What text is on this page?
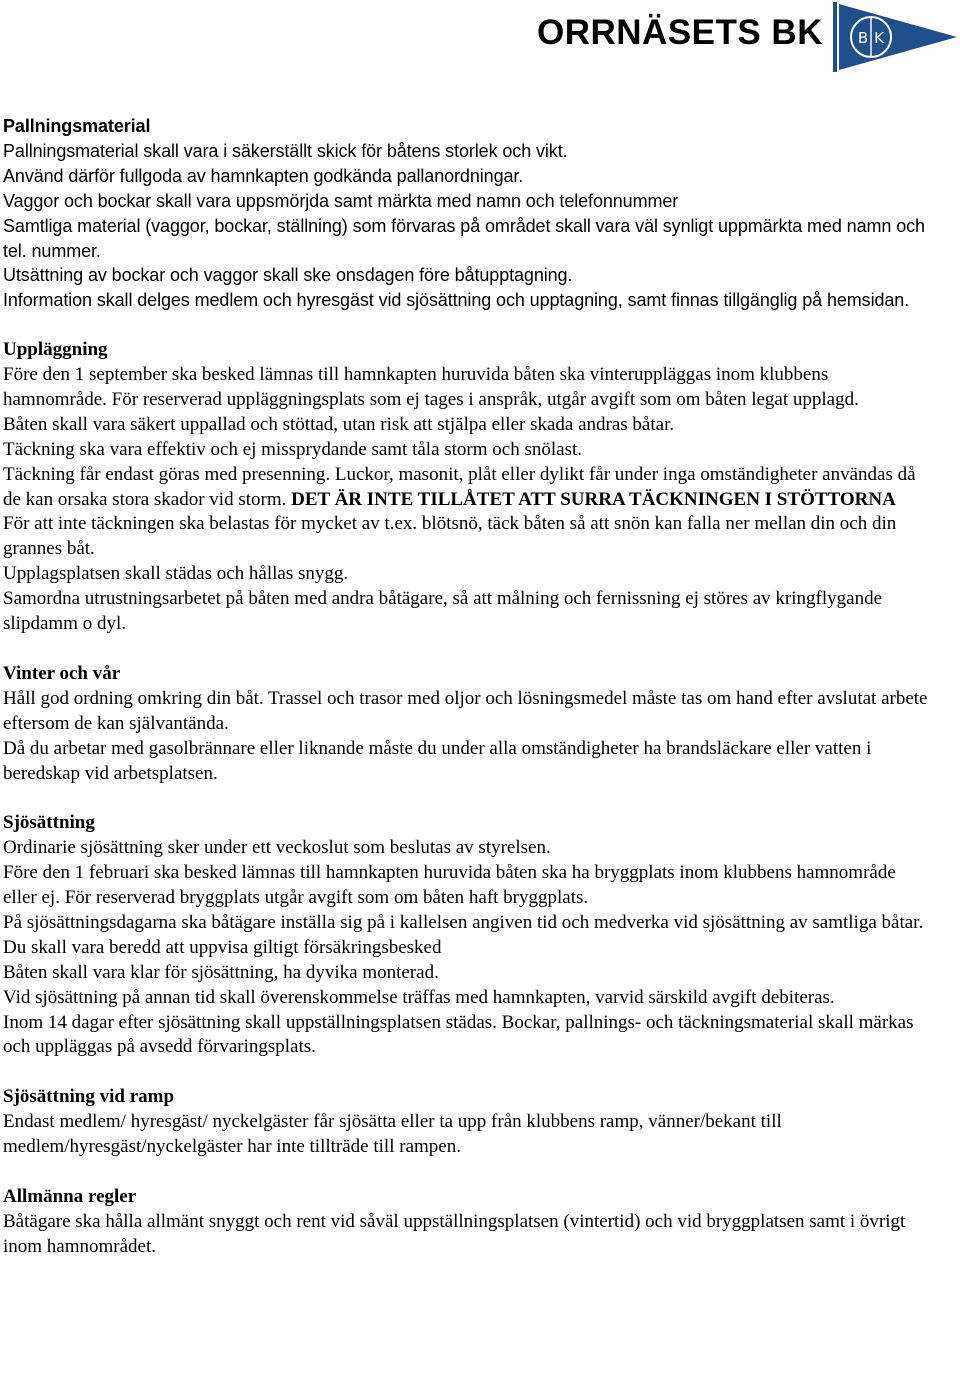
ORRNÄSETS BK B K
Pallningsmaterial
Pallningsmaterial skall vara i säkerställt skick för båtens storlek och vikt.
Använd därför fullgoda av hamnkapten godkända pallanordningar.
Vaggor och bockar skall vara uppsmörjda samt märkta med namn och telefonnummer
Samtliga material (vaggor, bockar, ställning) som förvaras på området skall vara väl synligt uppmärkta med namn och tel. nummer.
Utsättning av bockar och vaggor skall ske onsdagen före båtupptagning.
Information skall delges medlem och hyresgäst vid sjösättning och upptagning, samt finnas tillgänglig på hemsidan.
Uppläggning
Före den 1 september ska besked lämnas till hamnkapten huruvida båten ska vinteruppläggas inom klubbens hamnområde. För reserverad uppläggningsplats som ej tages i anspråk, utgår avgift som om båten legat upplagd.
Båten skall vara säkert uppallad och stöttad, utan risk att stjälpa eller skada andras båtar.
Täckning ska vara effektiv och ej missprydande samt tåla storm och snölast.
Täckning får endast göras med presenning. Luckor, masonit, plåt eller dylikt får under inga omständigheter användas då de kan orsaka stora skador vid storm. DET ÄR INTE TILLÅTET ATT SURRA TÄCKNINGEN I STÖTTORNA
För att inte täckningen ska belastas för mycket av t.ex. blötsnö, täck båten så att snön kan falla ner mellan din och din grannes båt.
Upplagsplatsen skall städas och hållas snygg.
Samordna utrustningsarbetet på båten med andra båtägare, så att målning och fernissning ej störes av kringflygande slipdamm o dyl.
Vinter och vår
Håll god ordning omkring din båt. Trassel och trasor med oljor och lösningsmedel måste tas om hand efter avslutat arbete eftersom de kan självantända.
Då du arbetar med gasolbrännare eller liknande måste du under alla omständigheter ha brandsläckare eller vatten i beredskap vid arbetsplatsen.
Sjösättning
Ordinarie sjösättning sker under ett veckoslut som beslutas av styrelsen.
Före den 1 februari ska besked lämnas till hamnkapten huruvida båten ska ha bryggplats inom klubbens hamnområde eller ej. För reserverad bryggplats utgår avgift som om båten haft bryggplats.
På sjösättningsdagarna ska båtägare inställa sig på i kallelsen angiven tid och medverka vid sjösättning av samtliga båtar.
Du skall vara beredd att uppvisa giltigt försäkringsbesked
Båten skall vara klar för sjösättning, ha dyvika monterad.
Vid sjösättning på annan tid skall överenskommelse träffas med hamnkapten, varvid särskild avgift debiteras.
Inom 14 dagar efter sjösättning skall uppställningsplatsen städas. Bockar, pallnings- och täckningsmaterial skall märkas och uppläggas på avsedd förvaringsplats.
Sjösättning vid ramp
Endast medlem/ hyresgäst/ nyckelgäster får sjösätta eller ta upp från klubbens ramp, vänner/bekant till medlem/hyresgäst/nyckelgäster har inte tillträde till rampen.
Allmänna regler
Båtägare ska hålla allmänt snyggt och rent vid såväl uppställningsplatsen (vintertid) och vid bryggplatsen samt i övrigt inom hamnområdet.
